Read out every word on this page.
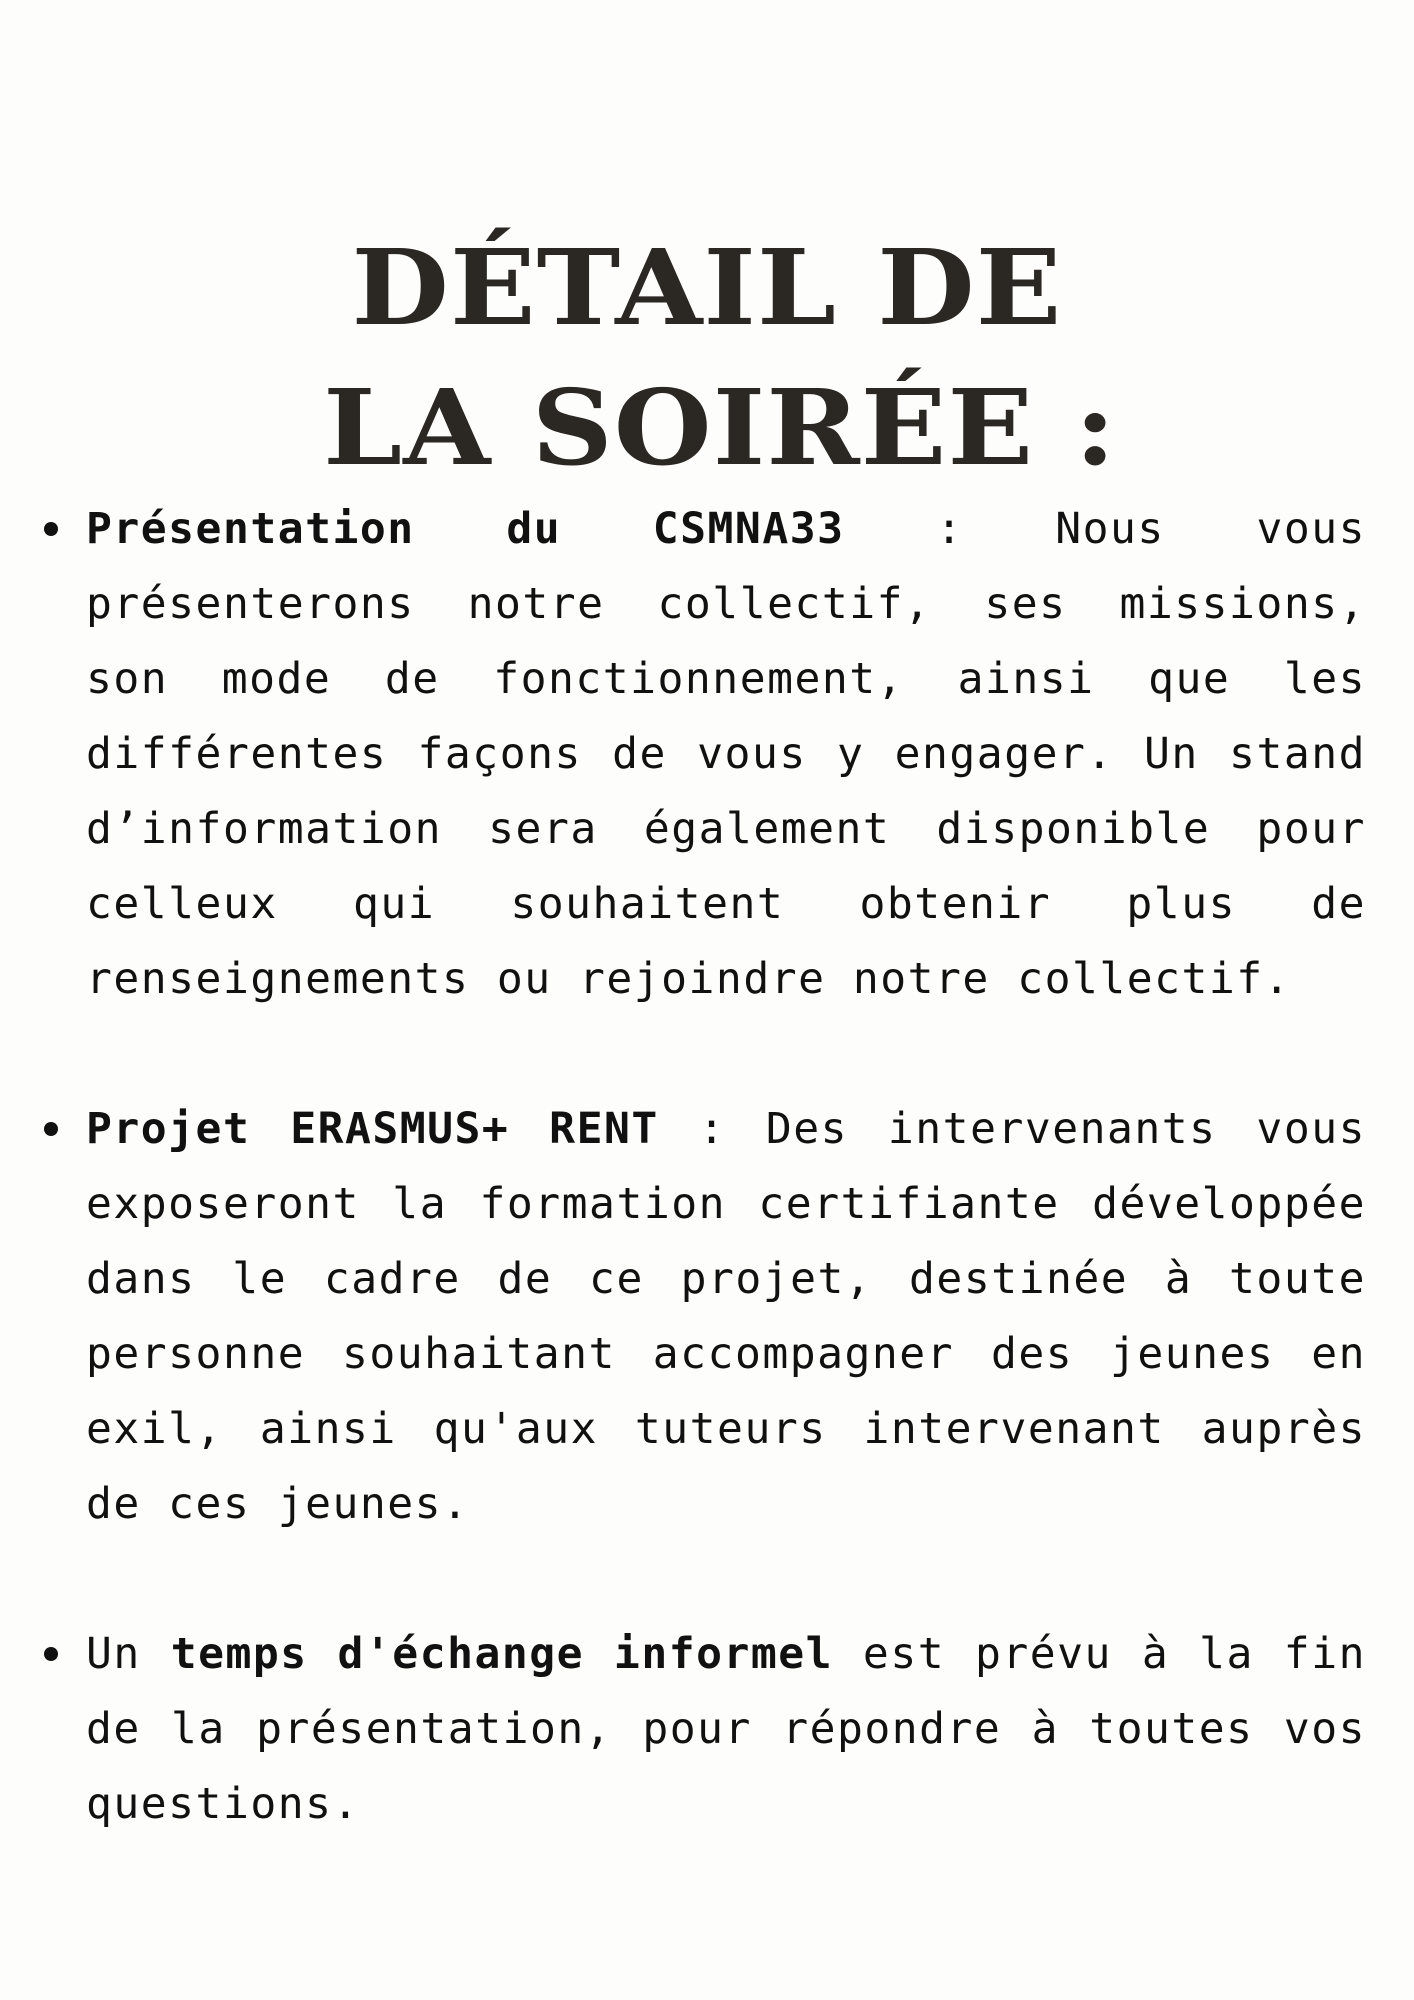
DÉTAIL DE
LA SOIRÉE :
Présentation du CSMNA33 : Nous vous présenterons notre collectif, ses missions, son mode de fonctionnement, ainsi que les différentes façons de vous y engager. Un stand d’information sera également disponible pour celleux qui souhaitent obtenir plus de renseignements ou rejoindre notre collectif.
Projet ERASMUS+ RENT : Des intervenants vous exposeront la formation certifiante développée dans le cadre de ce projet, destinée à toute personne souhaitant accompagner des jeunes en exil, ainsi qu'aux tuteurs intervenant auprès de ces jeunes.
Un temps d'échange informel est prévu à la fin de la présentation, pour répondre à toutes vos questions.
